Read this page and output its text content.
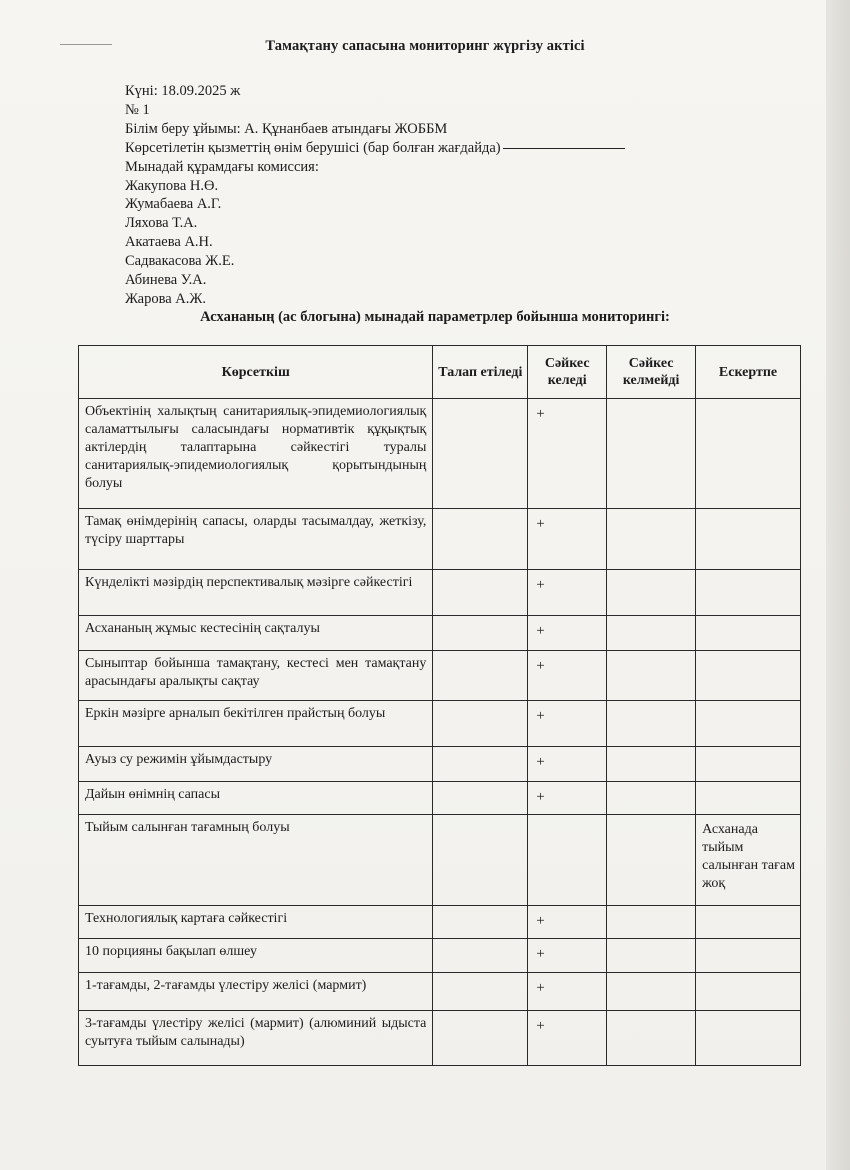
Тамақтану сапасына мониторинг жүргізу актісі
Күні: 18.09.2025 ж
№ 1
Білім беру ұйымы: А. Құнанбаев атындағы ЖОББМ
Көрсетілетін қызметтің өнім берушісі (бар болған жағдайда)
Мынадай құрамдағы комиссия:
Жакупова Н.Ө.
Жумабаева А.Г.
Ляхова Т.А.
Акатаева А.Н.
Садвакасова Ж.Е.
Абинева У.А.
Жарова А.Ж.
Асхананың (ас блогына) мынадай параметрлер бойынша мониторингі:
Көрсеткіш	Талап етіледі	Сәйкес келеді	Сәйкес келмейді	Ескертпе
Объектінің халықтың санитариялық-эпидемиологиялық саламаттылығы саласындағы нормативтік құқықтық актілердің талаптарына сәйкестігі туралы санитариялық-эпидемиологиялық қорытындының болуы		+		
Тамақ өнімдерінің сапасы, оларды тасымалдау, жеткізу, түсіру шарттары		+		
Күнделікті мәзірдің перспективалық мәзірге сәйкестігі		+		
Асхананың жұмыс кестесінің сақталуы		+		
Сыныптар бойынша тамақтану, кестесі мен тамақтану арасындағы аралықты сақтау		+		
Еркін мәзірге арналып бекітілген прайстың болуы		+		
Ауыз су режимін ұйымдастыру		+		
Дайын өнімнің сапасы		+		
Тыйым салынған тағамның болуы				Асханада тыйым салынған тағам жоқ
Технологиялық картаға сәйкестігі		+		
10 порцияны бақылап өлшеу		+		
1-тағамды, 2-тағамды үлестіру желісі (мармит)		+		
3-тағамды үлестіру желісі (мармит) (алюминий ыдыста суытуға тыйым салынады)		+		
